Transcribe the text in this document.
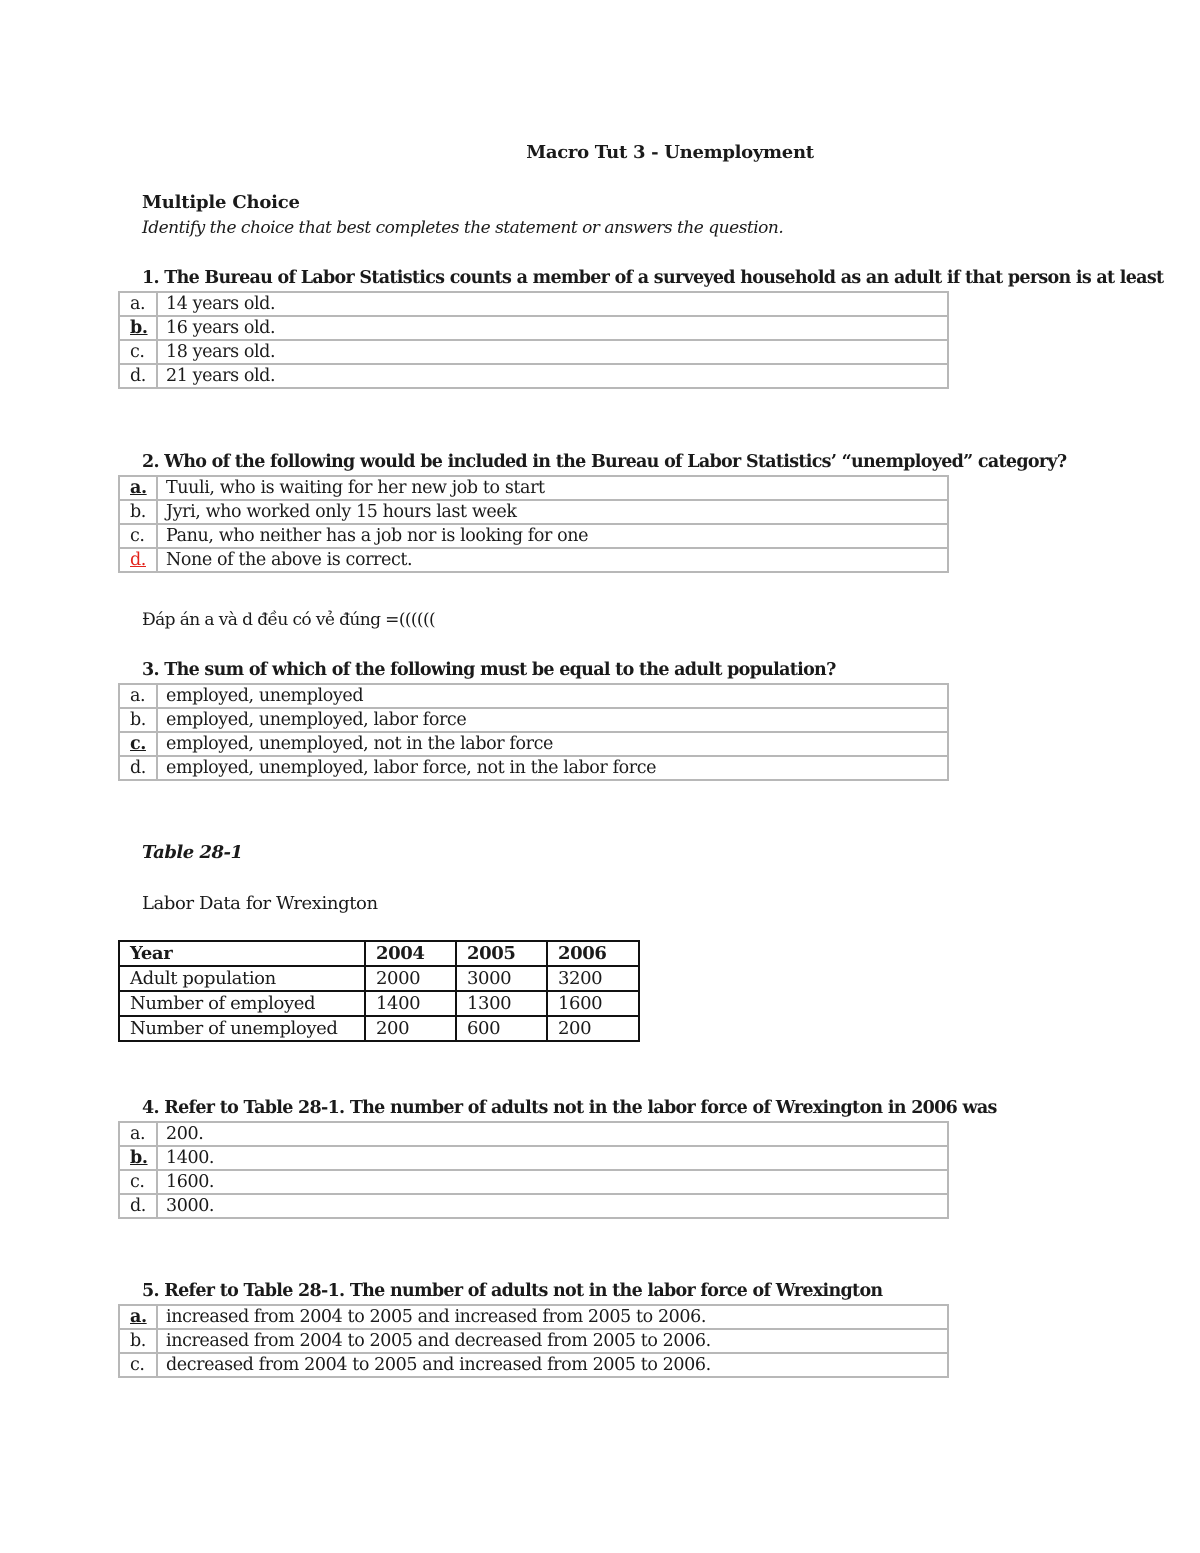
Macro Tut 3 - Unemployment
Multiple Choice
Identify the choice that best completes the statement or answers the question.
1. The Bureau of Labor Statistics counts a member of a surveyed household as an adult if that person is at least
a.	14 years old.
b.	16 years old.
c.	18 years old.
d.	21 years old.
2. Who of the following would be included in the Bureau of Labor Statistics’ “unemployed” category?
a.	Tuuli, who is waiting for her new job to start
b.	Jyri, who worked only 15 hours last week
c.	Panu, who neither has a job nor is looking for one
d.	None of the above is correct.
Đáp án a và d đều có vẻ đúng =((((((
3. The sum of which of the following must be equal to the adult population?
a.	employed, unemployed
b.	employed, unemployed, labor force
c.	employed, unemployed, not in the labor force
d.	employed, unemployed, labor force, not in the labor force
Table 28-1
Labor Data for Wrexington
Year	2004	2005	2006
Adult population	2000	3000	3200
Number of employed	1400	1300	1600
Number of unemployed	200	600	200
4. Refer to Table 28-1. The number of adults not in the labor force of Wrexington in 2006 was
a.	200.
b.	1400.
c.	1600.
d.	3000.
5. Refer to Table 28-1. The number of adults not in the labor force of Wrexington
a.	increased from 2004 to 2005 and increased from 2005 to 2006.
b.	increased from 2004 to 2005 and decreased from 2005 to 2006.
c.	decreased from 2004 to 2005 and increased from 2005 to 2006.
